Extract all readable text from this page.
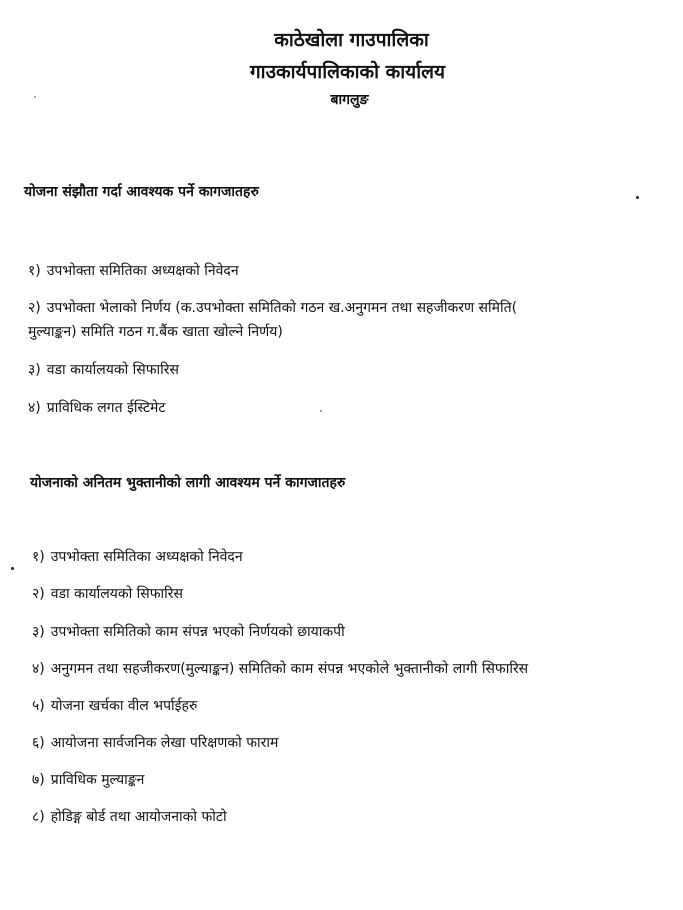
काठेखोला गाउपालिका
गाउकार्यपालिकाको कार्यालय
बागलुङ
योजना संझौता गर्दा आवश्यक पर्ने कागजातहरु
१) उपभोक्ता समितिका अध्यक्षको निवेदन
२) उपभोक्ता भेलाको निर्णय (क.उपभोक्ता समितिको गठन ख.अनुगमन तथा सहजीकरण समिति(
मुल्याङ्कन) समिति गठन ग.बैंक खाता खोल्ने निर्णय)
३) वडा कार्यालयको सिफारिस
४) प्राविधिक लगत ईस्टिमेट
योजनाको अनितम भुक्तानीको लागी आवश्यम पर्ने कागजातहरु
१) उपभोक्ता समितिका अध्यक्षको निवेदन
२) वडा कार्यालयको सिफारिस
३) उपभोक्ता समितिको काम संपन्न भएको निर्णयको छायाकपी
४) अनुगमन तथा सहजीकरण(मुल्याङ्कन) समितिको काम संपन्न भएकोले भुक्तानीको लागी सिफारिस
५) योजना खर्चका वील भर्पाईहरु
६) आयोजना सार्वजनिक लेखा परिक्षणको फाराम
७) प्राविधिक मुल्याङ्कन
८) होडिङ्ग बोर्ड तथा आयोजनाको फोटो
